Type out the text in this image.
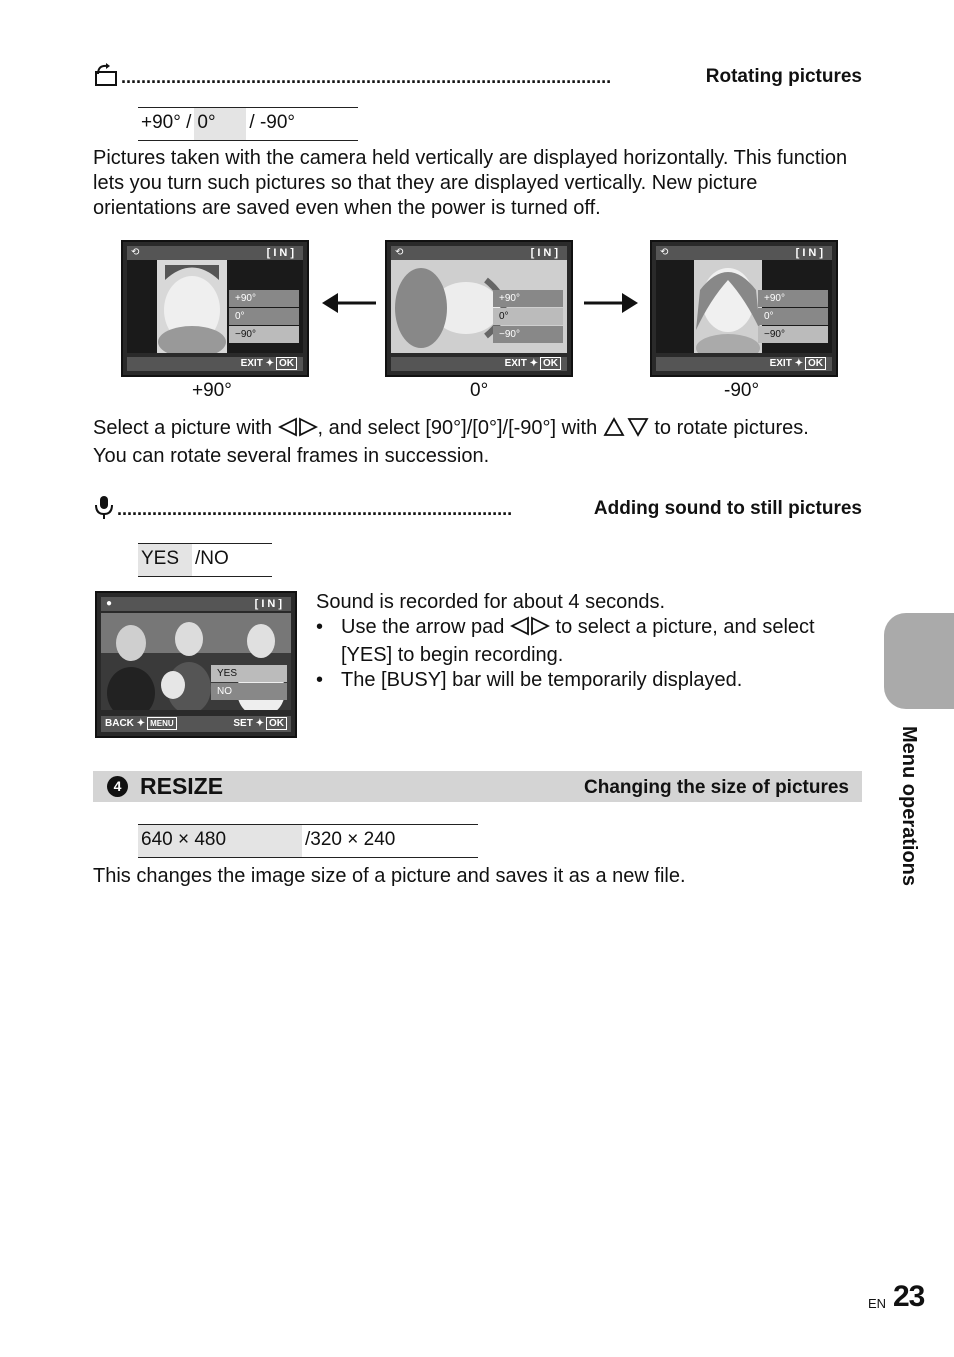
..................................................................................................	Rotating pictures
+90° / 0°	/ -90°
Pictures taken with the camera held vertically are displayed horizontally. This function lets you turn such pictures so that they are displayed vertically. New picture orientations are saved even when the power is turned off.
⟲	[IN]
+90°
0°
−90°
EXIT ✦ OK
+90°
⟲	[IN]
+90°
0°
−90°
EXIT ✦ OK
0°
⟲	[IN]
+90°
0°
−90°
EXIT ✦ OK
-90°
Select a picture with , and select [90°]/[0°]/[-90°] with  to rotate pictures.
You can rotate several frames in succession.
...............................................................................	Adding sound to still pictures
YES /NO
●	[IN]
YES
NO
BACK ✦ MENU	SET ✦ OK
Sound is recorded for about 4 seconds.
• Use the arrow pad  to select a picture, and select [YES] to begin recording.
• The [BUSY] bar will be temporarily displayed.
4 RESIZE	Changing the size of pictures
640 × 480	/320 × 240
This changes the image size of a picture and saves it as a new file.	Menu operations
EN 23
